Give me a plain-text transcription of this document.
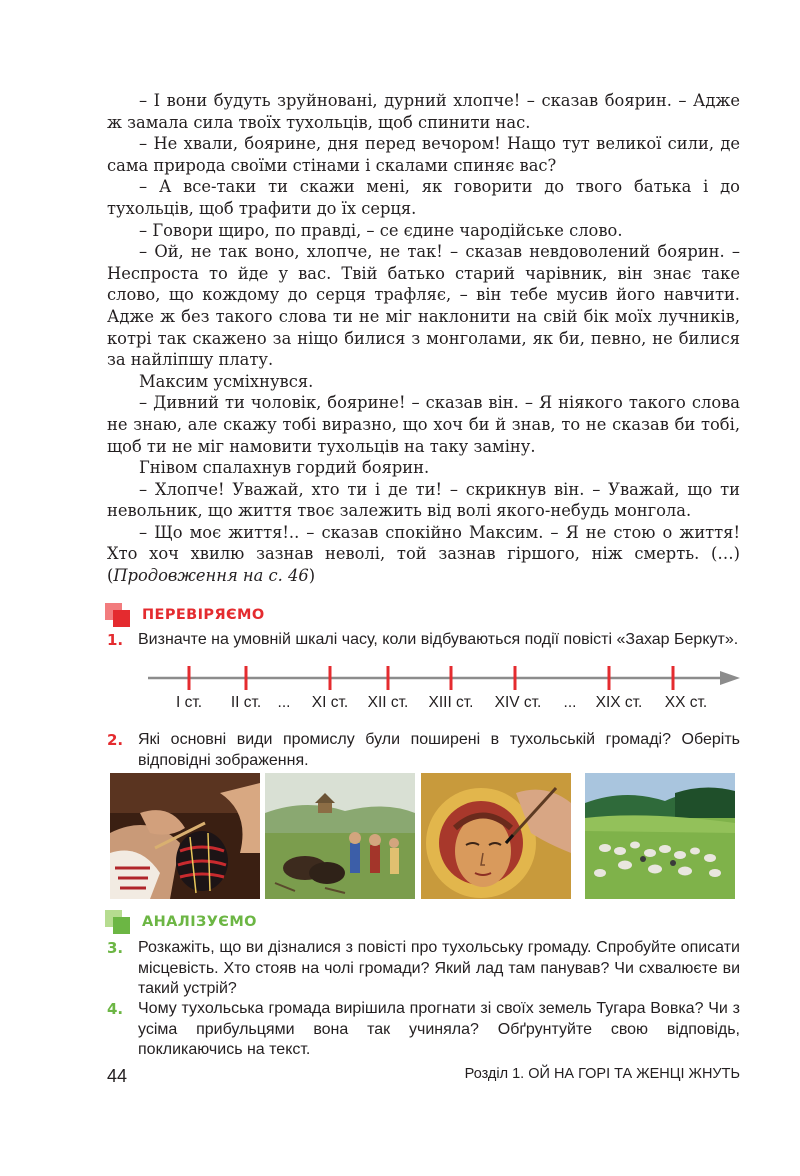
– І вони будуть зруйновані, дурний хлопче! – сказав боярин. – Адже ж замала сила твоїх тухольців, щоб спинити нас.

– Не хвали, боярине, дня перед вечором! Нащо тут великої сили, де сама природа своїми стінами і скалами спиняє вас?

– А все-таки ти скажи мені, як говорити до твого батька і до тухольців, щоб трафити до їх серця.

– Говори щиро, по правді, – се єдине чародійське слово.

– Ой, не так воно, хлопче, не так! – сказав невдоволений боярин. – Неспроста то йде у вас. Твій батько старий чарівник, він знає таке слово, що кождому до серця трафляє, – він тебе мусив його навчити. Адже ж без такого слова ти не міг наклонити на свій бік моїх лучників, котрі так скажено за ніщо билися з монголами, як би, певно, не билися за найліпшу плату.

Максим усміхнувся.

– Дивний ти чоловік, боярине! – сказав він. – Я ніякого такого слова не знаю, але скажу тобі виразно, що хоч би й знав, то не сказав би тобі, щоб ти не міг намовити тухольців на таку заміну.

Гнівом спалахнув гордий боярин.

– Хлопче! Уважай, хто ти і де ти! – скрикнув він. – Уважай, що ти невольник, що життя твоє залежить від волі якого-небудь монгола.

– Що моє життя!.. – сказав спокійно Максим. – Я не стою о життя! Хто хоч хвилю зазнав неволі, той зазнав гіршого, ніж смерть. (…) (Продовження на с. 46)

ПЕРЕВІРЯЄМО
1. Визначте на умовній шкалі часу, коли відбуваються події повісті «Захар Беркут».
I ст. II ст. ... XI ст. XII ст. XIII ст. XIV ст. ... XIX ст. XX ст.
2. Які основні види промислу були поширені в тухольській громаді? Оберіть відповідні зображення.
АНАЛІЗУЄМО
3. Розкажіть, що ви дізналися з повісті про тухольську громаду. Спробуйте описати місцевість. Хто стояв на чолі громади? Який лад там панував? Чи схвалюєте ви такий устрій?
4. Чому тухольська громада вирішила прогнати зі своїх земель Тугара Вовка? Чи з усіма прибульцями вона так учиняла? Обґрунтуйте свою відповідь, покликаючись на текст.
44	Розділ 1. ОЙ НА ГОРІ ТА ЖЕНЦІ ЖНУТЬ
